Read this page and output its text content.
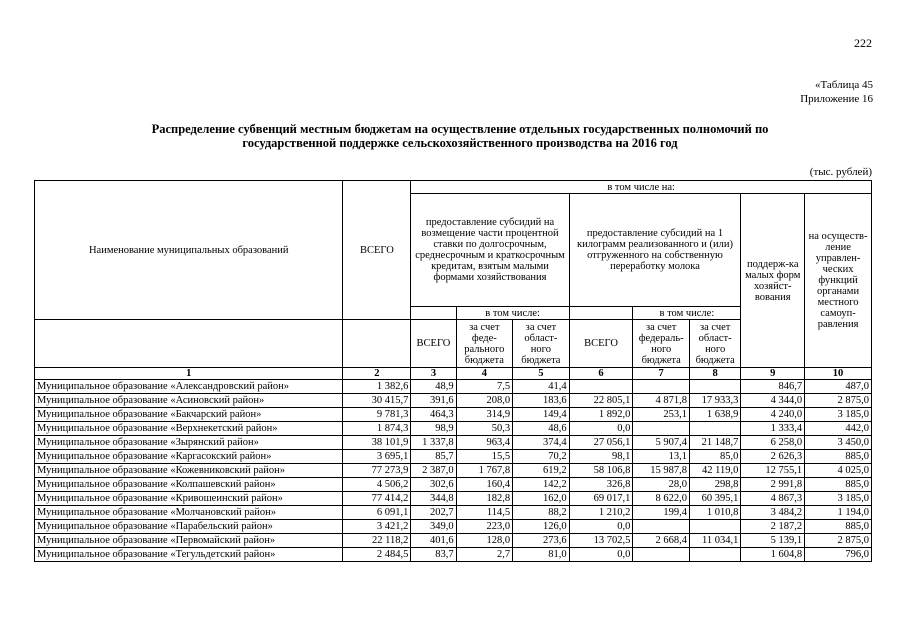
222
«Таблица 45
Приложение 16
Распределение субвенций местным бюджетам на осуществление отдельных государственных полномочий по
государственной поддержке сельскохозяйственного производства на 2016 год
(тыс. рублей)
Наименование муниципальных образований	ВСЕГО	в том числе на:							
		предоставление субсидий на возмещение части процентной ставки по долгосрочным, среднесрочным и краткосрочным кредитам, взятым малыми формами хозяйствования			предоставление субсидий на 1 килограмм реализованного и (или) отгруженного на собственную переработку молока			поддерж-ка малых форм хозяйст-вования	на осуществ-ление управлен-ческих функций органами местного самоуп-равления
			в том числе:			в том числе:			
		ВСЕГО	за счет феде-рального бюджета	за счет област-ного бюджета	ВСЕГО	за счет федераль-ного бюджета	за счет област-ного бюджета		
1	2	3	4	5	6	7	8	9	10
Муниципальное образование «Александровский район»	1 382,6	48,9	7,5	41,4				846,7	487,0
Муниципальное образование «Асиновский район»	30 415,7	391,6	208,0	183,6	22 805,1	4 871,8	17 933,3	4 344,0	2 875,0
Муниципальное образование «Бакчарский район»	9 781,3	464,3	314,9	149,4	1 892,0	253,1	1 638,9	4 240,0	3 185,0
Муниципальное образование «Верхнекетский район»	1 874,3	98,9	50,3	48,6	0,0			1 333,4	442,0
Муниципальное образование «Зырянский район»	38 101,9	1 337,8	963,4	374,4	27 056,1	5 907,4	21 148,7	6 258,0	3 450,0
Муниципальное образование «Каргасокский район»	3 695,1	85,7	15,5	70,2	98,1	13,1	85,0	2 626,3	885,0
Муниципальное образование «Кожевниковский район»	77 273,9	2 387,0	1 767,8	619,2	58 106,8	15 987,8	42 119,0	12 755,1	4 025,0
Муниципальное образование «Колпашевский район»	4 506,2	302,6	160,4	142,2	326,8	28,0	298,8	2 991,8	885,0
Муниципальное образование «Кривошеинский район»	77 414,2	344,8	182,8	162,0	69 017,1	8 622,0	60 395,1	4 867,3	3 185,0
Муниципальное образование «Молчановский район»	6 091,1	202,7	114,5	88,2	1 210,2	199,4	1 010,8	3 484,2	1 194,0
Муниципальное образование «Парабельский район»	3 421,2	349,0	223,0	126,0	0,0			2 187,2	885,0
Муниципальное образование «Первомайский район»	22 118,2	401,6	128,0	273,6	13 702,5	2 668,4	11 034,1	5 139,1	2 875,0
Муниципальное образование «Тегульдетский район»	2 484,5	83,7	2,7	81,0	0,0			1 604,8	796,0
